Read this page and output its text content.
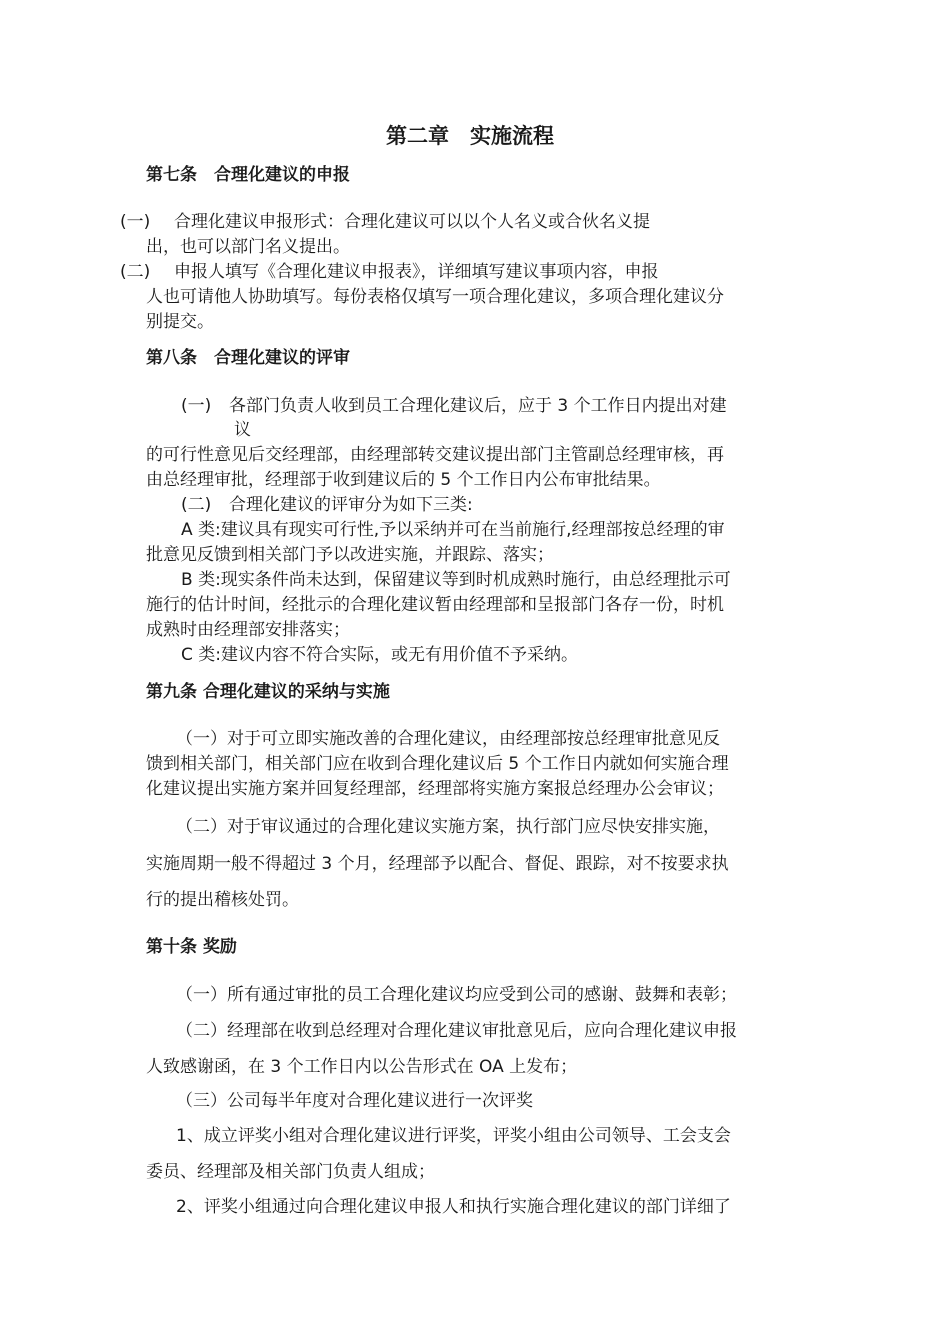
第二章　实施流程
第七条　合理化建议的申报
(一) 合理化建议申报形式：合理化建议可以以个人名义或合伙名义提
出，也可以部门名义提出。
(二) 申报人填写《合理化建议申报表》，详细填写建议事项内容，申报
人也可请他人协助填写。每份表格仅填写一项合理化建议，多项合理化建议分
别提交。
第八条　合理化建议的评审
(一) 各部门负责人收到员工合理化建议后，应于 3 个工作日内提出对建
议
的可行性意见后交经理部，由经理部转交建议提出部门主管副总经理审核，再
由总经理审批，经理部于收到建议后的 5 个工作日内公布审批结果。
(二) 合理化建议的评审分为如下三类:
A 类:建议具有现实可行性,予以采纳并可在当前施行,经理部按总经理的审
批意见反馈到相关部门予以改进实施，并跟踪、落实；
B 类:现实条件尚未达到，保留建议等到时机成熟时施行，由总经理批示可
施行的估计时间，经批示的合理化建议暂由经理部和呈报部门各存一份，时机
成熟时由经理部安排落实；
C 类:建议内容不符合实际，或无有用价值不予采纳。
第九条 合理化建议的采纳与实施
（一）对于可立即实施改善的合理化建议，由经理部按总经理审批意见反
馈到相关部门，相关部门应在收到合理化建议后 5 个工作日内就如何实施合理
化建议提出实施方案并回复经理部，经理部将实施方案报总经理办公会审议；
（二）对于审议通过的合理化建议实施方案，执行部门应尽快安排实施，
实施周期一般不得超过 3 个月，经理部予以配合、督促、跟踪，对不按要求执
行的提出稽核处罚。
第十条 奖励
（一）所有通过审批的员工合理化建议均应受到公司的感谢、鼓舞和表彰；
（二）经理部在收到总经理对合理化建议审批意见后，应向合理化建议申报
人致感谢函，在 3 个工作日内以公告形式在 OA 上发布；
（三）公司每半年度对合理化建议进行一次评奖
1、成立评奖小组对合理化建议进行评奖，评奖小组由公司领导、工会支会
委员、经理部及相关部门负责人组成；
2、评奖小组通过向合理化建议申报人和执行实施合理化建议的部门详细了
